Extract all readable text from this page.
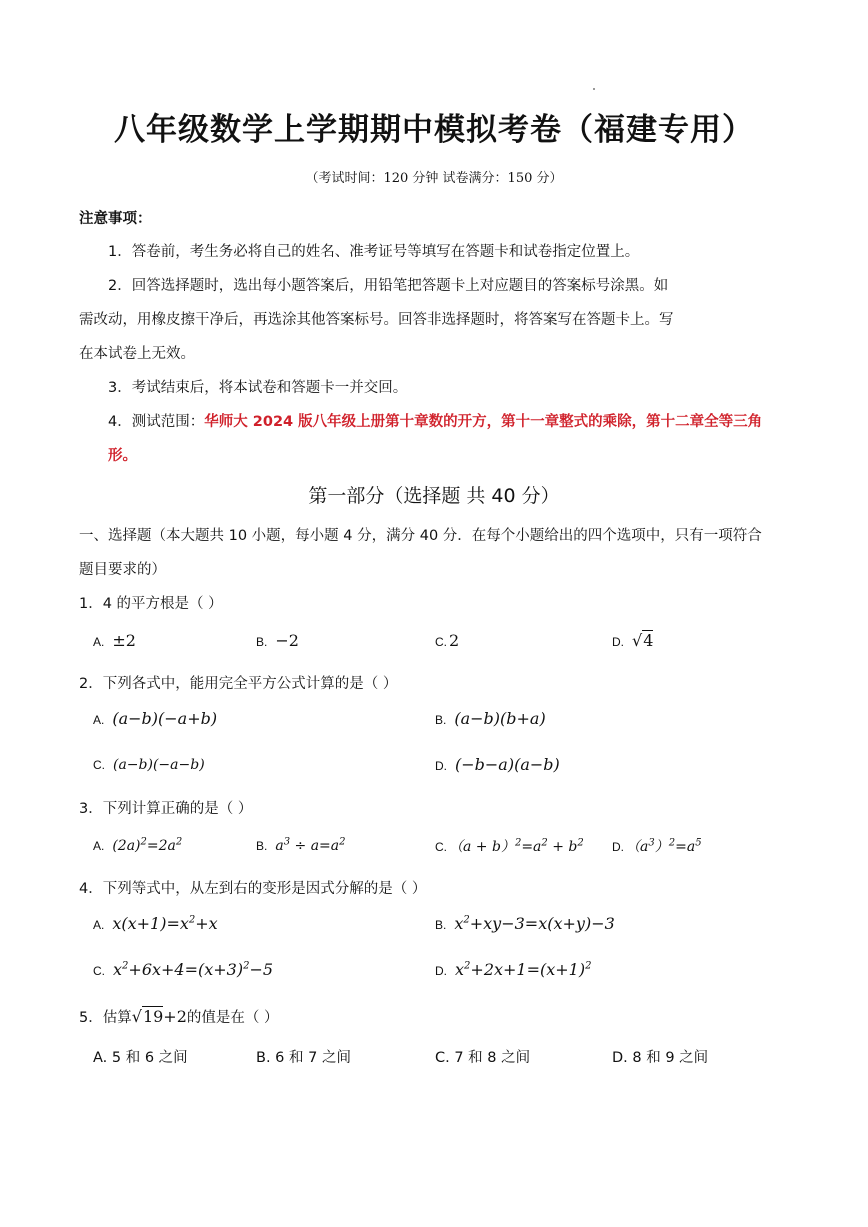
八年级数学上学期期中模拟考卷（福建专用）
（考试时间：120 分钟 试卷满分：150 分）
注意事项：
1．答卷前，考生务必将自己的姓名、准考证号等填写在答题卡和试卷指定位置上。
2．回答选择题时，选出每小题答案后，用铅笔把答题卡上对应题目的答案标号涂黑。如
需改动，用橡皮擦干净后，再选涂其他答案标号。回答非选择题时，将答案写在答题卡上。写
在本试卷上无效。
3．考试结束后，将本试卷和答题卡一并交回。
4．测试范围：华师大 2024 版八年级上册第十章数的开方，第十一章整式的乘除，第十二章全等三角
形。
第一部分（选择题 共 40 分）
一、选择题（本大题共 10 小题，每小题 4 分，满分 40 分．在每个小题给出的四个选项中，只有一项符合
题目要求的）
1．4 的平方根是（ ）
A. ±2	B. −2	C. 2	D. √4
2．下列各式中，能用完全平方公式计算的是（ ）
A. (a−b)(−a+b)	B. (a−b)(b+a)
C. (a−b)(−a−b)	D. (−b−a)(a−b)
3．下列计算正确的是（ ）
A. $(2a)^2=2a^2$	B. $a^3 \div a=a^2$	C. $(a + b)^2=a^2 + b^2$ D. $(a^3)^2=a^5$
4．下列等式中，从左到右的变形是因式分解的是（ ）
A. $x(x+1)=x^2+x$	B. $x^2+xy-3=x(x+y)-3$
C. $x^2+6x+4=(x+3)^2-5$	D. $x^2+2x+1=(x+1)^2$
5．估算√19+2的值是在（ ）
A. 5 和 6 之间	B. 6 和 7 之间	C. 7 和 8 之间	D. 8 和 9 之间
